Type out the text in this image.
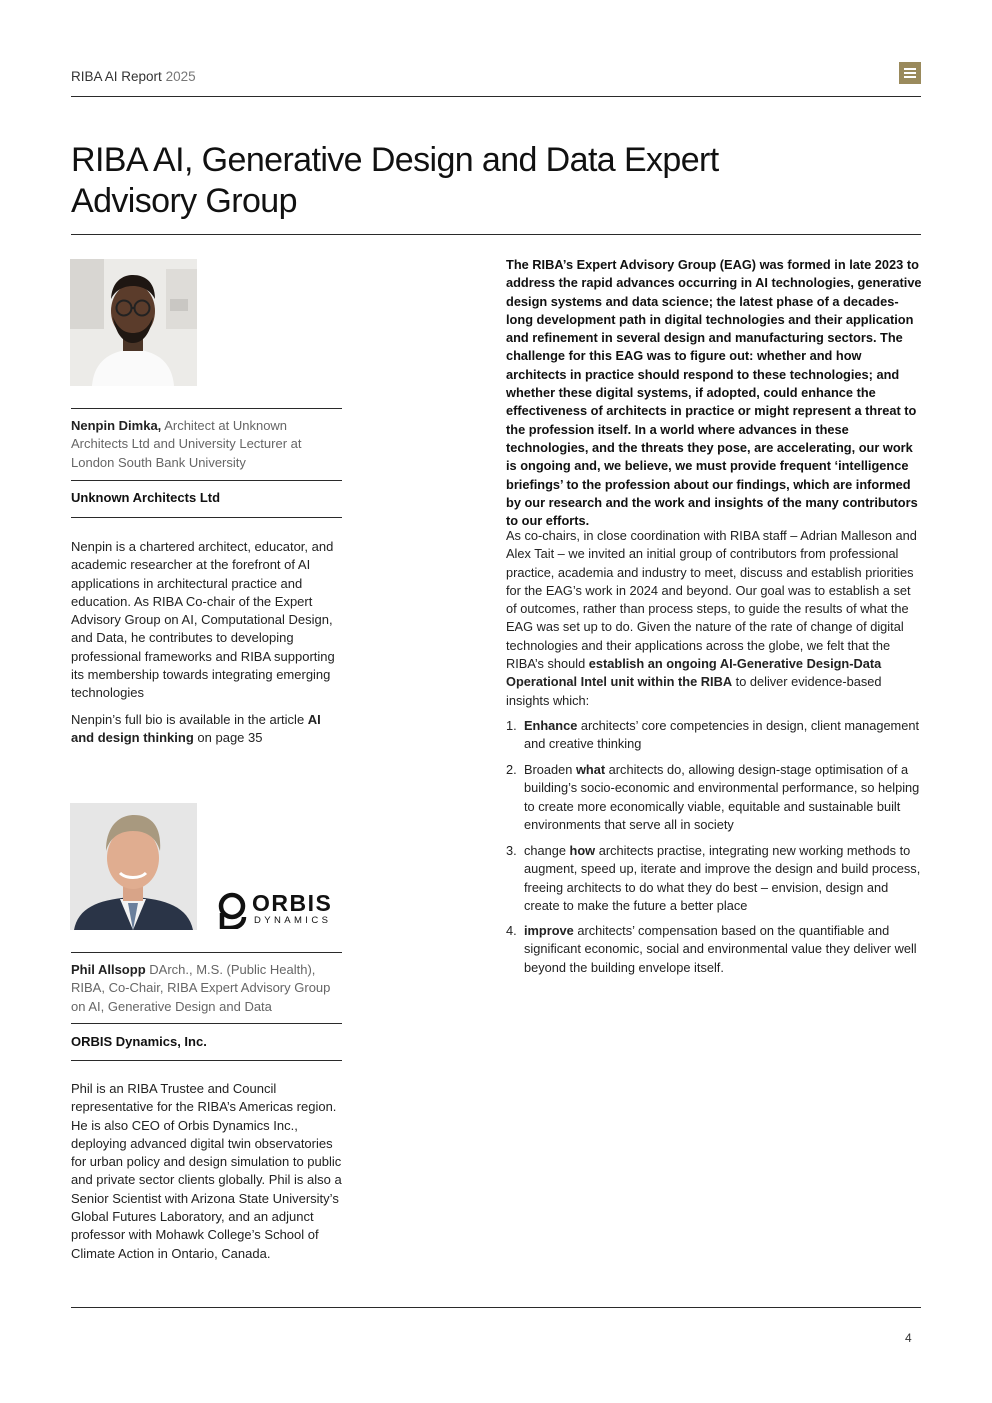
RIBA AI Report 2025
RIBA AI, Generative Design and Data Expert Advisory Group
Nenpin Dimka, Architect at Unknown Architects Ltd and University Lecturer at London South Bank University
Unknown Architects Ltd

Nenpin is a chartered architect, educator, and academic researcher at the forefront of AI applications in architectural practice and education. As RIBA Co-chair of the Expert Advisory Group on AI, Computational Design, and Data, he contributes to developing professional frameworks and RIBA supporting its membership towards integrating emerging technologies

Nenpin’s full bio is available in the article AI and design thinking on page 35

ORBIS
DYNAMICS
Phil Allsopp DArch., M.S. (Public Health), RIBA, Co-Chair, RIBA Expert Advisory Group on AI, Generative Design and Data
ORBIS Dynamics, Inc.

Phil is an RIBA Trustee and Council representative for the RIBA’s Americas region. He is also CEO of Orbis Dynamics Inc., deploying advanced digital twin observatories for urban policy and design simulation to public and private sector clients globally. Phil is also a Senior Scientist with Arizona State University’s Global Futures Laboratory, and an adjunct professor with Mohawk College’s School of Climate Action in Ontario, Canada.

The RIBA’s Expert Advisory Group (EAG) was formed in late 2023 to address the rapid advances occurring in AI technologies, generative design systems and data science; the latest phase of a decades-long development path in digital technologies and their application and refinement in several design and manufacturing sectors. The challenge for this EAG was to figure out: whether and how architects in practice should respond to these technologies; and whether these digital systems, if adopted, could enhance the effectiveness of architects in practice or might represent a threat to the profession itself. In a world where advances in these technologies, and the threats they pose, are accelerating, our work is ongoing and, we believe, we must provide frequent ‘intelligence briefings’ to the profession about our findings, which are informed by our research and the work and insights of the many contributors to our efforts.

As co-chairs, in close coordination with RIBA staff – Adrian Malleson and Alex Tait – we invited an initial group of contributors from professional practice, academia and industry to meet, discuss and establish priorities for the EAG’s work in 2024 and beyond. Our goal was to establish a set of outcomes, rather than process steps, to guide the results of what the EAG was set up to do. Given the nature of the rate of change of digital technologies and their applications across the globe, we felt that the RIBA’s should establish an ongoing AI-Generative Design-Data Operational Intel unit within the RIBA to deliver evidence-based insights which:

1. Enhance architects’ core competencies in design, client management and creative thinking
2. Broaden what architects do, allowing design-stage optimisation of a building’s socio-economic and environmental performance, so helping to create more economically viable, equitable and sustainable built environments that serve all in society
3. change how architects practise, integrating new working methods to augment, speed up, iterate and improve the design and build process, freeing architects to do what they do best – envision, design and create to make the future a better place
4. improve architects’ compensation based on the quantifiable and significant economic, social and environmental value they deliver well beyond the building envelope itself.
4
